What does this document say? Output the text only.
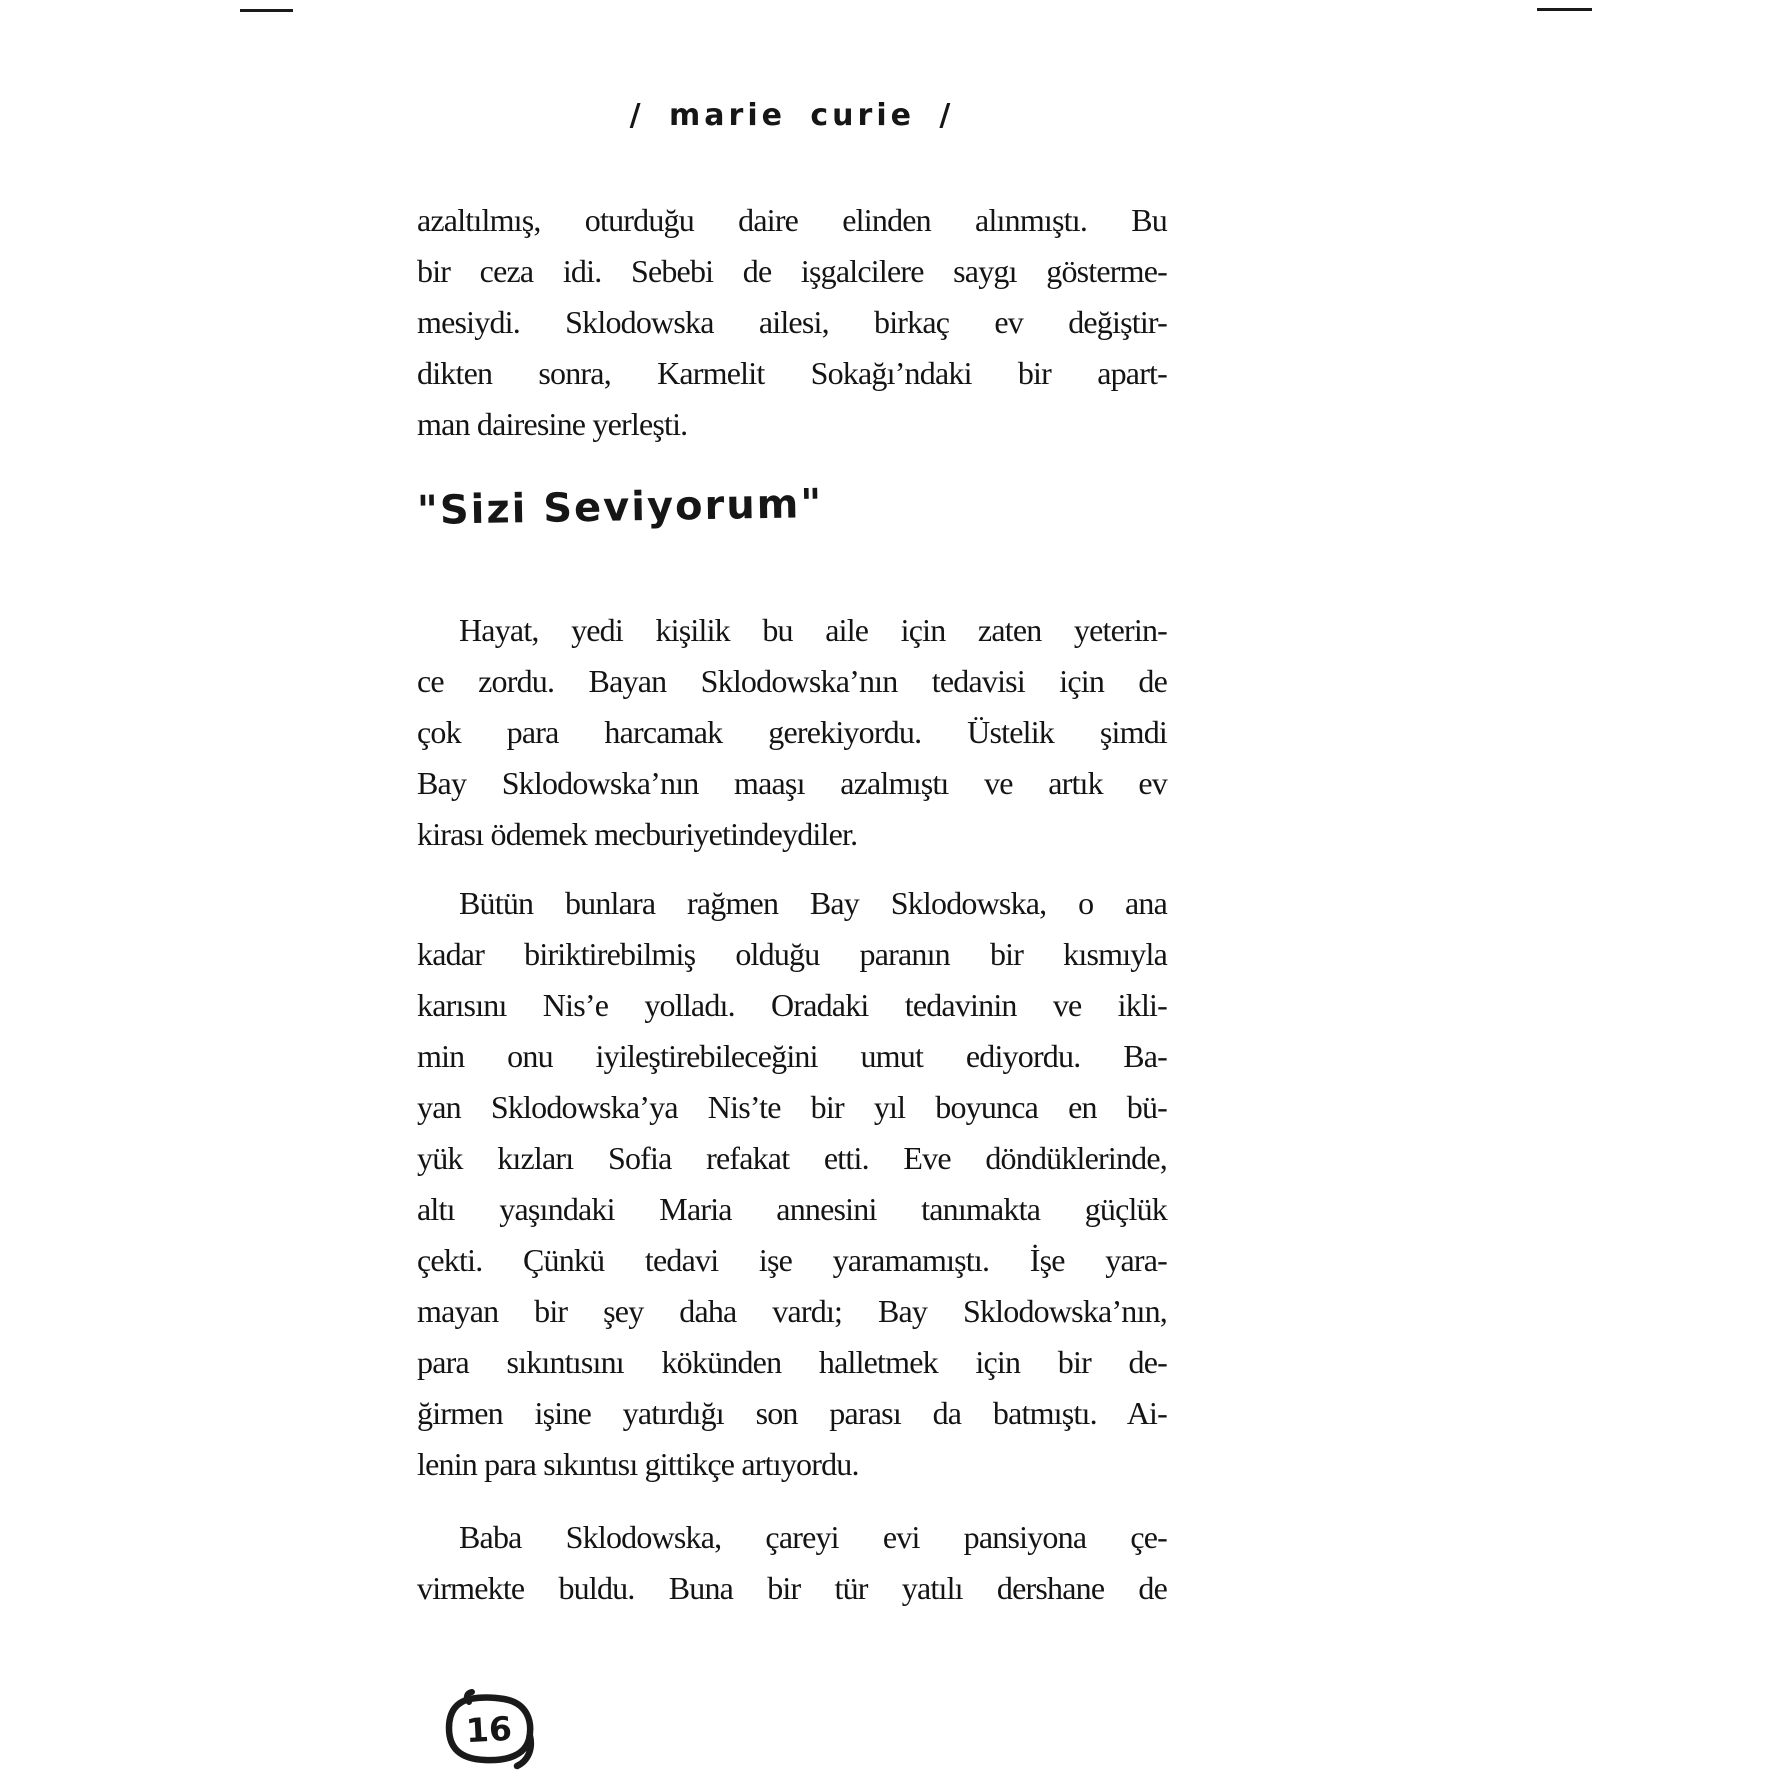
/ marie curie /
azaltılmış, oturduğu daire elinden alınmıştı. Bu
bir ceza idi. Sebebi de işgalcilere saygı gösterme-
mesiydi. Sklodowska ailesi, birkaç ev değiştir-
dikten sonra, Karmelit Sokağı’ndaki bir apart-
man dairesine yerleşti.
"Sizi Seviyorum"
Hayat, yedi kişilik bu aile için zaten yeterin-
ce zordu. Bayan Sklodowska’nın tedavisi için de
çok para harcamak gerekiyordu. Üstelik şimdi
Bay Sklodowska’nın maaşı azalmıştı ve artık ev
kirası ödemek mecburiyetindeydiler.
Bütün bunlara rağmen Bay Sklodowska, o ana
kadar biriktirebilmiş olduğu paranın bir kısmıyla
karısını Nis’e yolladı. Oradaki tedavinin ve ikli-
min onu iyileştirebileceğini umut ediyordu. Ba-
yan Sklodowska’ya Nis’te bir yıl boyunca en bü-
yük kızları Sofia refakat etti. Eve döndüklerinde,
altı yaşındaki Maria annesini tanımakta güçlük
çekti. Çünkü tedavi işe yaramamıştı. İşe yara-
mayan bir şey daha vardı; Bay Sklodowska’nın,
para sıkıntısını kökünden halletmek için bir de-
ğirmen işine yatırdığı son parası da batmıştı. Ai-
lenin para sıkıntısı gittikçe artıyordu.
Baba Sklodowska, çareyi evi pansiyona çe-
virmekte buldu. Buna bir tür yatılı dershane de
16
